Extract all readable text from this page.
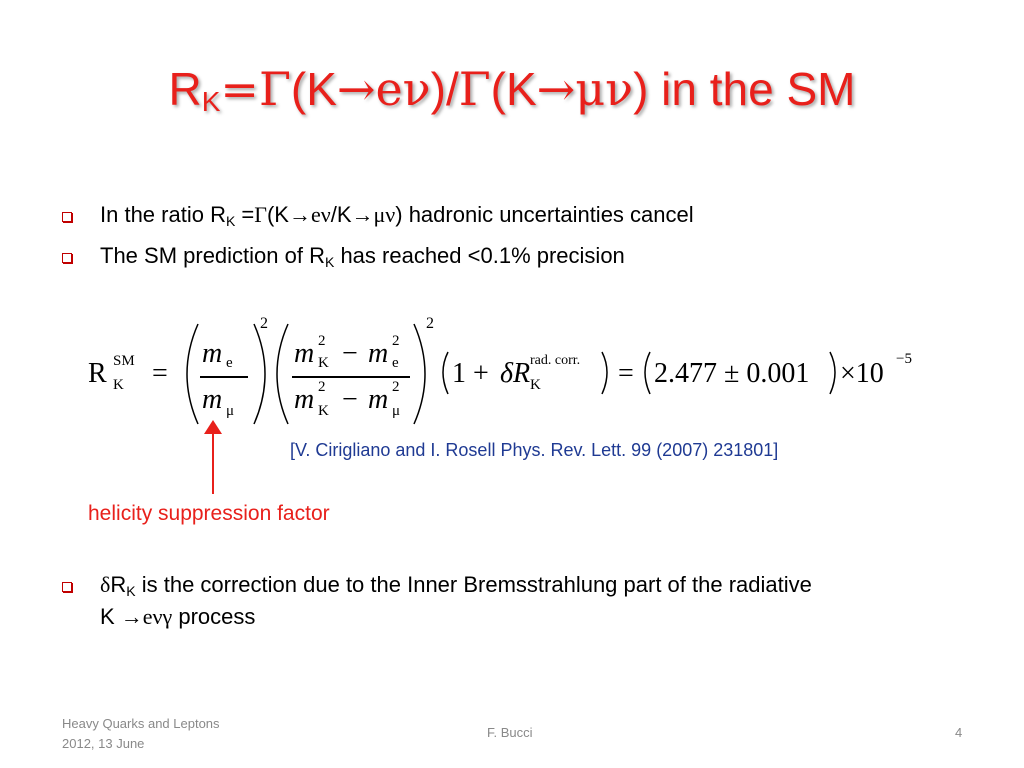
$R_K=\Gamma(K\to e\nu)/\Gamma(K\to\mu\nu)$ in the SM
In the ratio $R_K =\Gamma(K\to e\nu/K\to\mu\nu)$ hadronic uncertainties cancel
The SM prediction of $R_K$ has reached <0.1% precision
R SM
K =
m e
m μ
2
m 2
K − m 2
e
m 2
K − m 2
μ
2
1 + δR rad. corr.
K	= 2.477 ± 0.001 ×10 −5
[V. Cirigliano and I. Rosell Phys. Rev. Lett. 99 (2007) 231801]
helicity suppression factor
$\delta R_K$ is the correction due to the Inner Bremsstrahlung part of the radiative
K →eνγ process
Heavy Quarks and Leptons
2012, 13 June
F. Bucci	4
